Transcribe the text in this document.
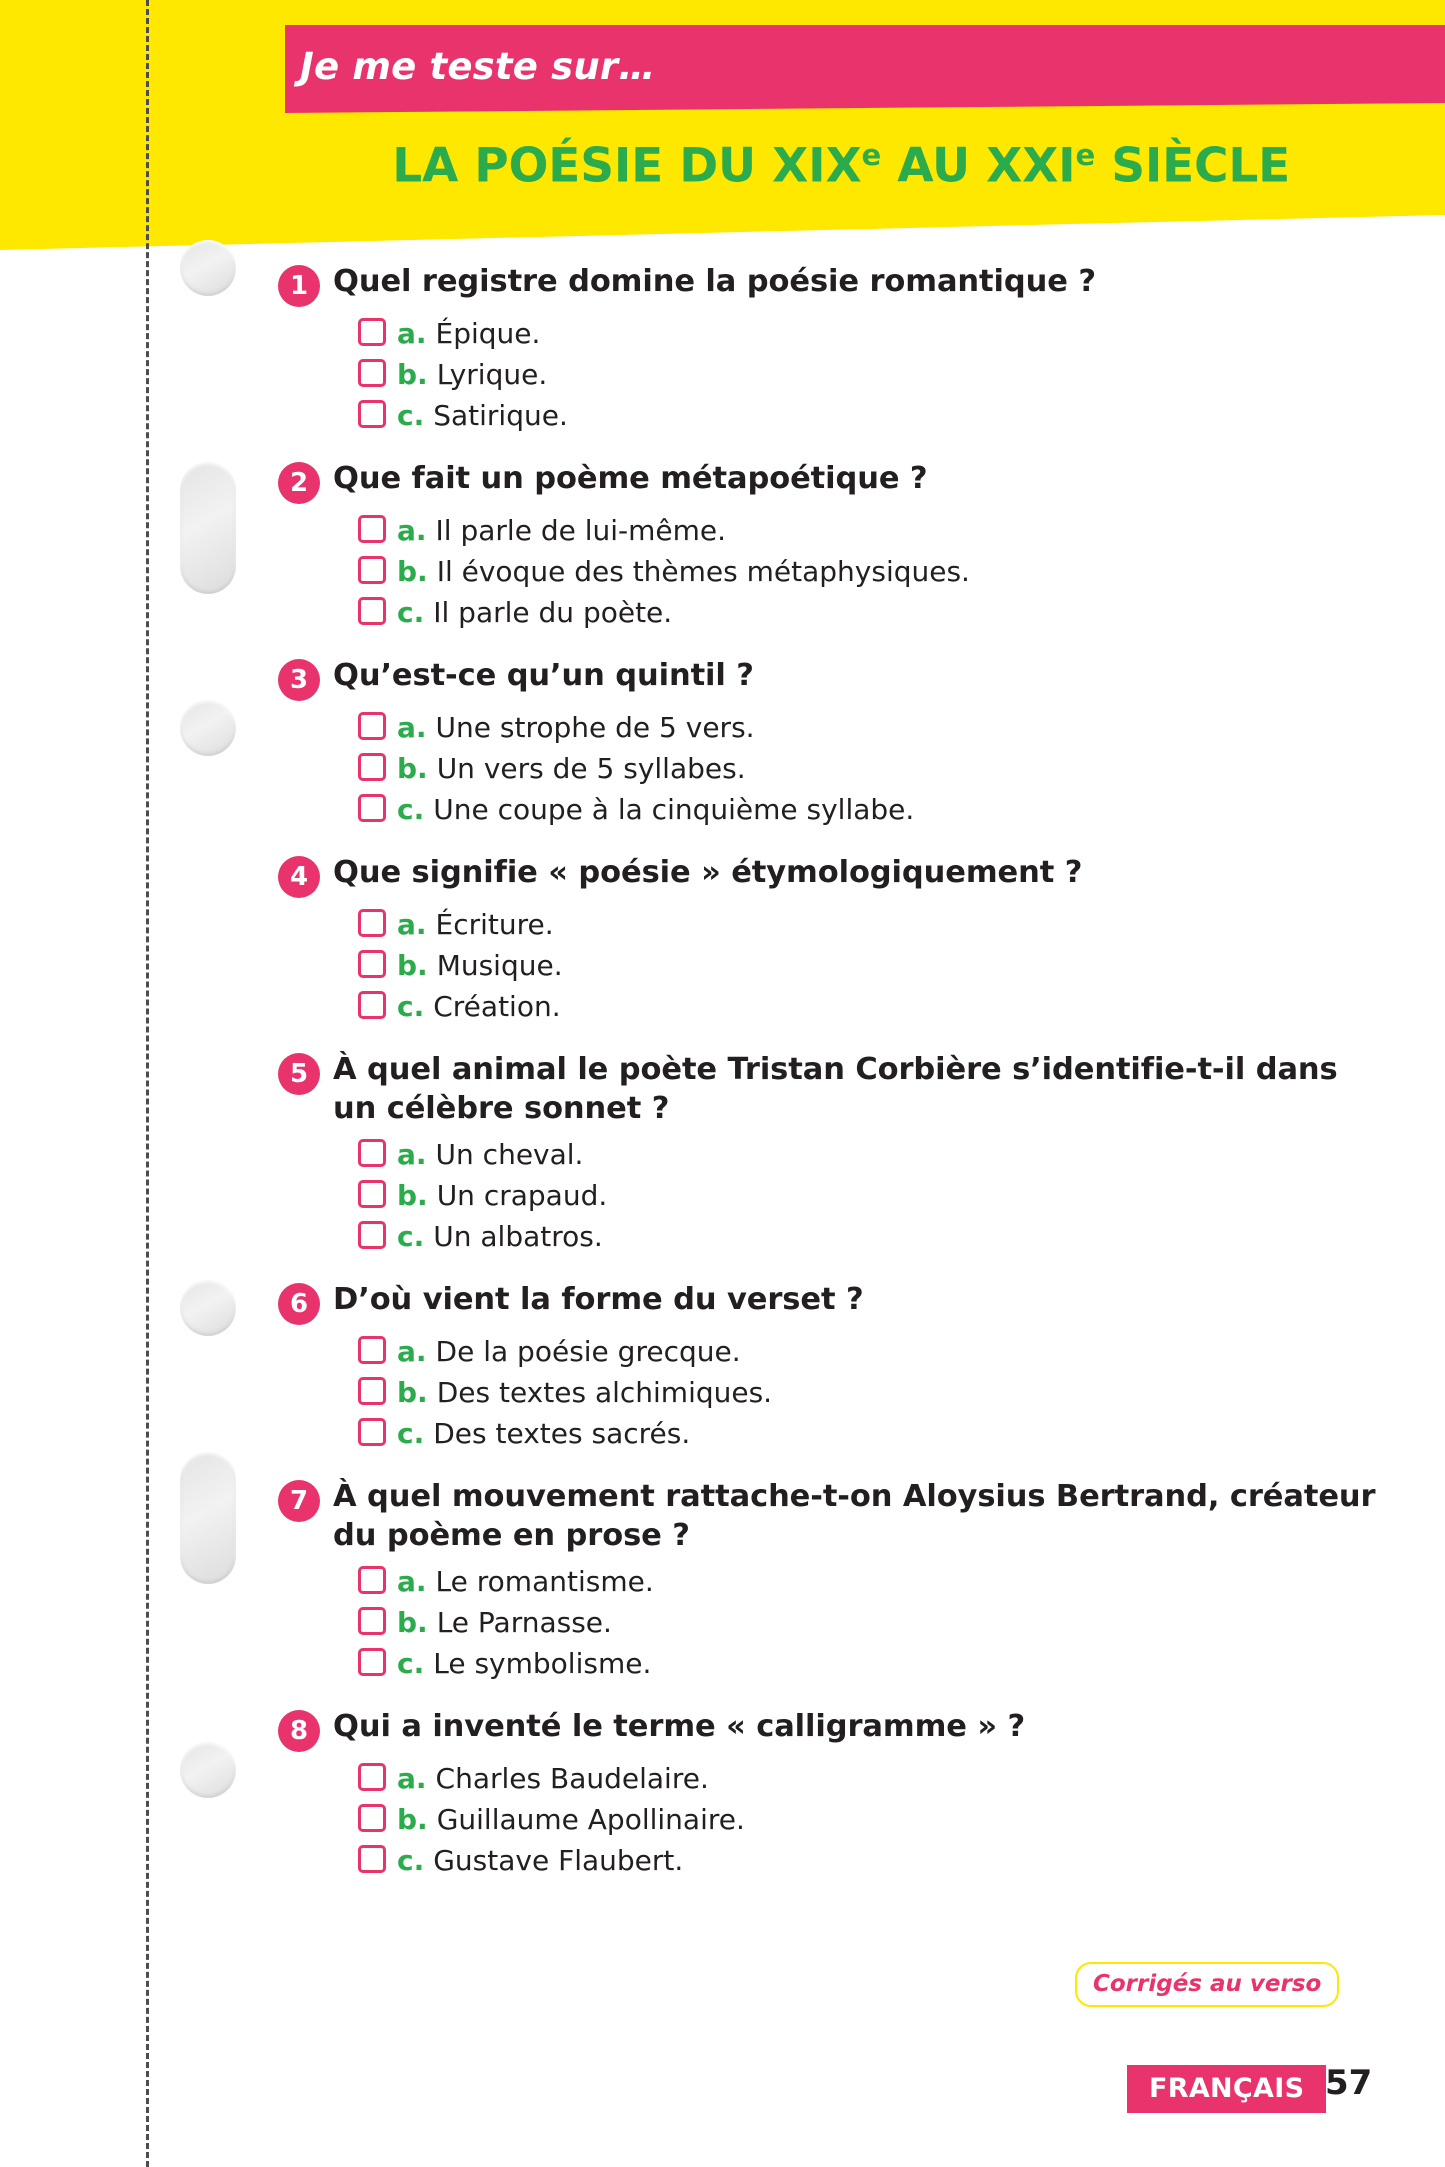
Je me teste sur…
LA POÉSIE DU XIXe AU XXIe SIÈCLE
1 Quel registre domine la poésie romantique ?
a. Épique.
b. Lyrique.
c. Satirique.
2 Que fait un poème métapoétique ?
a. Il parle de lui-même.
b. Il évoque des thèmes métaphysiques.
c. Il parle du poète.
3 Qu’est-ce qu’un quintil ?
a. Une strophe de 5 vers.
b. Un vers de 5 syllabes.
c. Une coupe à la cinquième syllabe.
4 Que signifie « poésie » étymologiquement ?
a. Écriture.
b. Musique.
c. Création.
5 À quel animal le poète Tristan Corbière s’identifie-t-il dans un célèbre sonnet ?
a. Un cheval.
b. Un crapaud.
c. Un albatros.
6 D’où vient la forme du verset ?
a. De la poésie grecque.
b. Des textes alchimiques.
c. Des textes sacrés.
7 À quel mouvement rattache-t-on Aloysius Bertrand, créateur du poème en prose ?
a. Le romantisme.
b. Le Parnasse.
c. Le symbolisme.
8 Qui a inventé le terme « calligramme » ?
a. Charles Baudelaire.
b. Guillaume Apollinaire.
c. Gustave Flaubert.
Corrigés au verso
FRANÇAIS 57
